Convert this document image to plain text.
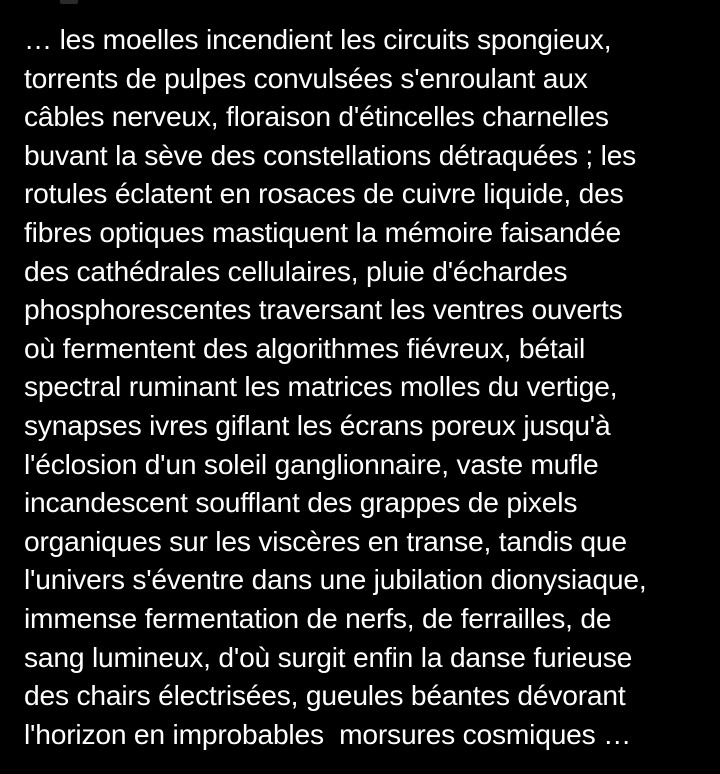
… les moelles incendient les circuits spongieux,
torrents de pulpes convulsées s'enroulant aux
câbles nerveux, floraison d'étincelles charnelles
buvant la sève des constellations détraquées ; les
rotules éclatent en rosaces de cuivre liquide, des
fibres optiques mastiquent la mémoire faisandée
des cathédrales cellulaires, pluie d'échardes
phosphorescentes traversant les ventres ouverts
où fermentent des algorithmes fiévreux, bétail
spectral ruminant les matrices molles du vertige,
synapses ivres giflant les écrans poreux jusqu'à
l'éclosion d'un soleil ganglionnaire, vaste mufle
incandescent soufflant des grappes de pixels
organiques sur les viscères en transe, tandis que
l'univers s'éventre dans une jubilation dionysiaque,
immense fermentation de nerfs, de ferrailles, de
sang lumineux, d'où surgit enfin la danse furieuse
des chairs électrisées, gueules béantes dévorant
l'horizon en improbables  morsures cosmiques …
